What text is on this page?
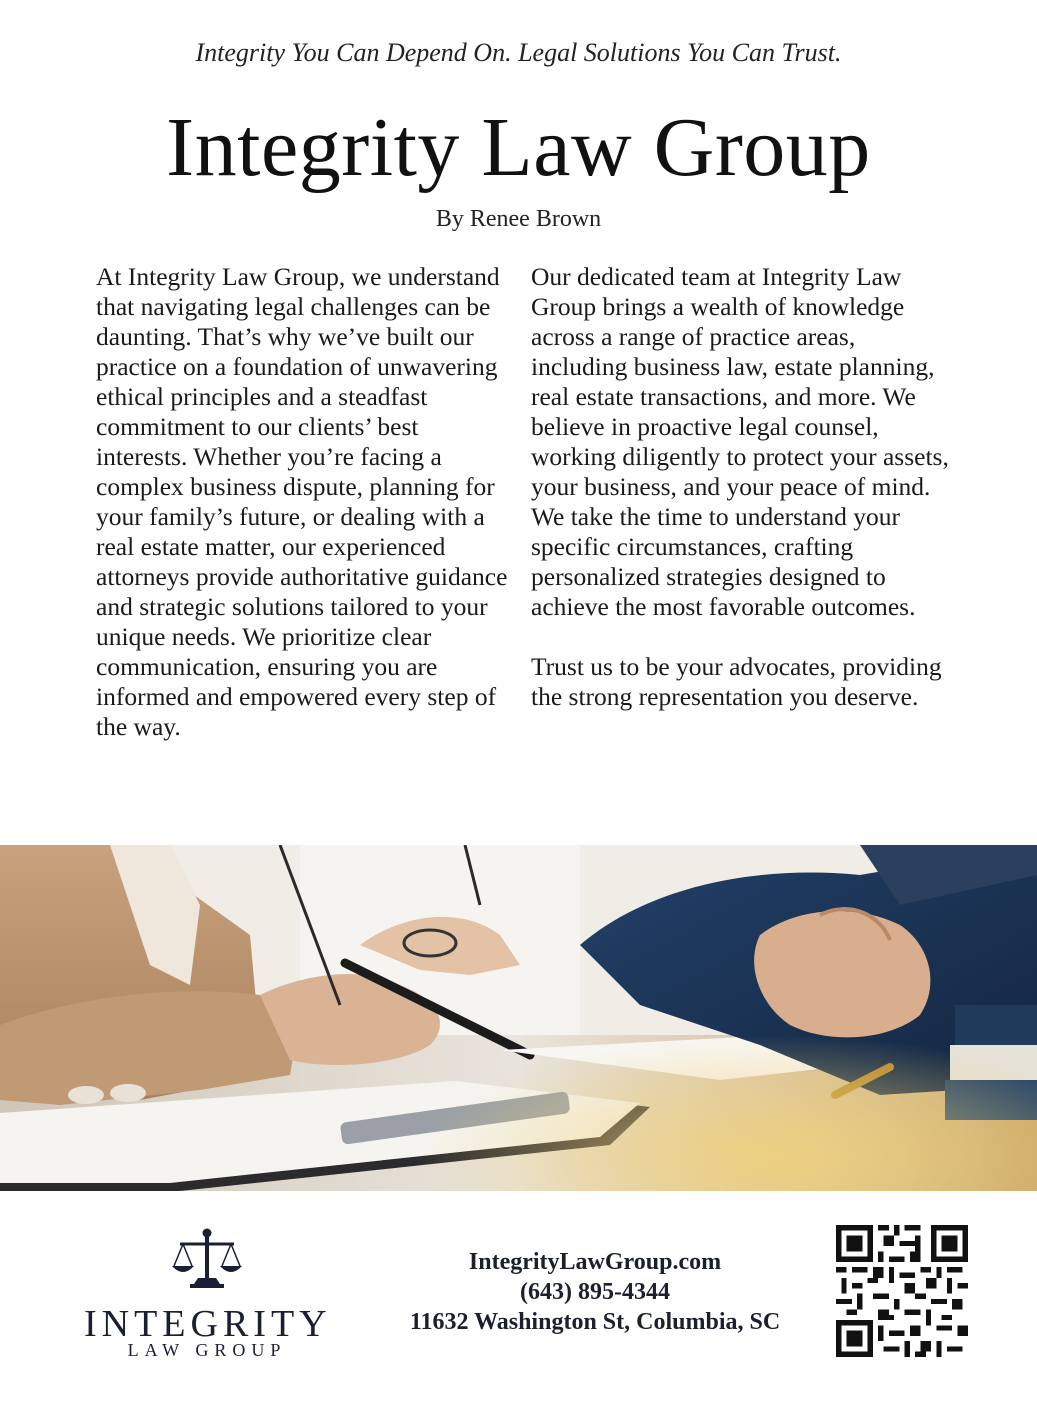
Integrity You Can Depend On. Legal Solutions You Can Trust.
Integrity Law Group
By Renee Brown

At Integrity Law Group, we understand that navigating legal challenges can be daunting. That’s why we’ve built our practice on a foundation of unwavering ethical principles and a steadfast commitment to our clients’ best interests. Whether you’re facing a complex business dispute, planning for your family’s future, or dealing with a real estate matter, our experienced attorneys provide authoritative guidance and strategic solutions tailored to your unique needs. We prioritize clear communication, ensuring you are informed and empowered every step of the way.

Our dedicated team at Integrity Law Group brings a wealth of knowledge across a range of practice areas, including business law, estate planning, real estate transactions, and more. We believe in proactive legal counsel, working diligently to protect your assets, your business, and your peace of mind. We take the time to understand your specific circumstances, crafting personalized strategies designed to achieve the most favorable outcomes.

Trust us to be your advocates, providing the strong representation you deserve.

INTEGRITY
LAW GROUP
IntegrityLawGroup.com
(643) 895-4344
11632 Washington St, Columbia, SC
